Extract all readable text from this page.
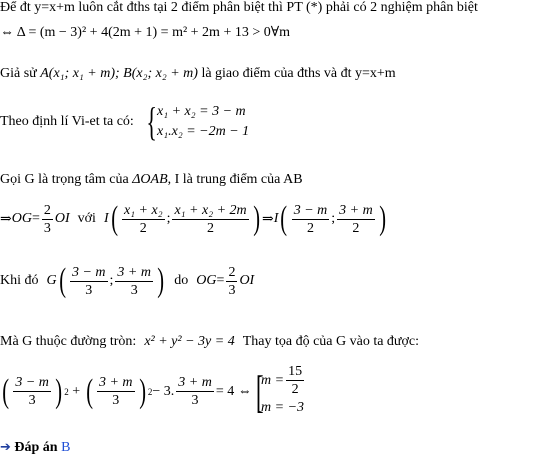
Để đt y=x+m luôn cắt đths tại 2 điểm phân biệt thì PT (*) phải có 2 nghiệm phân biệt
⇔ Δ = (m − 3)² + 4(2m + 1) = m² + 2m + 13 > 0∀m
Giả sử A(x₁; x₁ + m); B(x₂; x₂ + m) là giao điểm của đths và đt y=x+m
Theo định lí Vi-et ta có: { x₁ + x₂ = 3 − m
x₁.x₂ = −2m − 1
Gọi G là trọng tâm của ΔOAB, I là trung điểm của AB
⇒ OG = $\frac{2}{3}$ OI với I ( $\frac{\text{x₁ + x₂}}{2}$ ; $\frac{\text{x₁ + x₂ + 2m}}{2}$ ) ⇒ I ( $\frac{3 - m}{2}$ ; $\frac{3 + m}{2}$ )
Khi đó G ( $\frac{3 - m}{3}$ ; $\frac{3 + m}{3}$ ) do OG = $\frac{2}{3}$ OI
Mà G thuộc đường tròn: x² + y² − 3y = 4 Thay tọa độ của G vào ta được:
( $\frac{3 - m}{3}$ ) 2 + ( $\frac{3 + m}{3}$ ) 2 − 3. $\frac{3 + m}{3} = 4$ ⇔ [
$m = \frac{15}{2}$
m = −3
➔ Đáp án B
